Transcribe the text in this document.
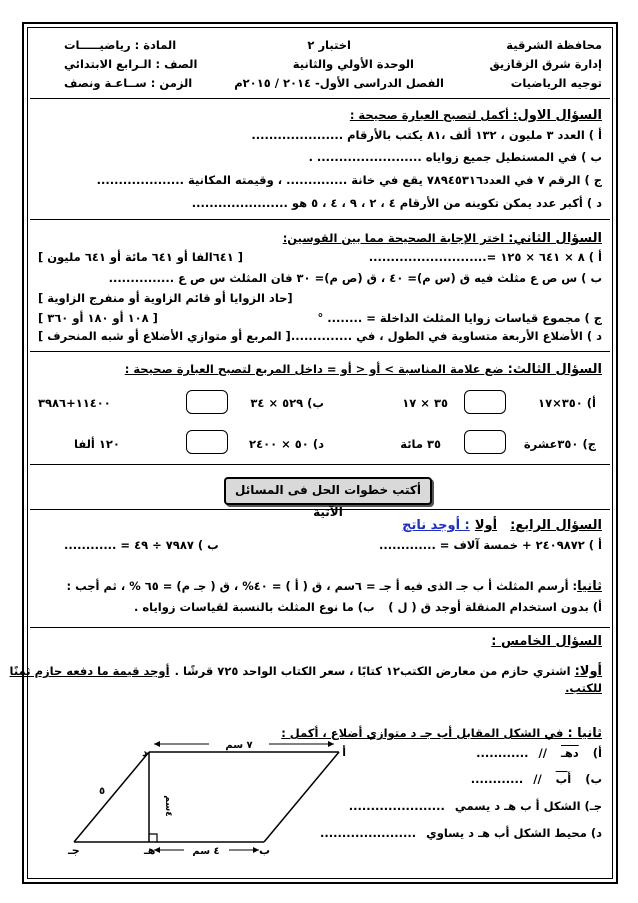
محافظة الشرقية
إدارة شرق الزقازيق
توجيه الرياضيات
اختبار ٢
الوحدة الأولي والثانية
الفصل الدراسى الأول- ٢٠١٤ / ٢٠١٥م
المادة : رياضيـــــات
الصف : الـرابع الابتدائي
الزمن : ســاعـة ونصف
السؤال الاول: أكمل لتصبح العبارة صحيحة :
أ ) العدد ٣ مليون ، ١٣٢ ألف ،٨١ يكتب بالأرقام .....................
ب ) في المستطيل جميع زواياه ........................ .
ج ) الرقم ٧ في العدد٧٨٩٤٥٣١٦ يقع في خانة .............. ، وقيمته المكانية ....................
د ) أكبر عدد يمكن تكوينه من الأرقام ٤ ، ٢ ، ٩ ، ٤ ، ٥ هو ......................
السؤال الثاني: اختر الإجابة الصحيحة مما بين القوسين:
أ ) ٨ × ٦٤١ × ١٢٥ =...........................
[ ٦٤١الفا أو ٦٤١ مائة أو ٦٤١ مليون ]
ب ) س ص ع مثلث فيه ق (س م)= ٤٠ ، ق (ص م)= ٣٠ فان المثلث س ص ع ...............
[حاد الزوايا أو قائم الزاوية أو منفرج الزاوية ]
ج ) مجموع قياسات زوايا المثلث الداخلة = ........ °
[ ١٠٨ أو ١٨٠ أو ٣٦٠ ]
د ) الأضلاع الأربعة متساوية في الطول ، في ...............
[ المربع أو متوازي الأضلاع أو شبه المنحرف ]
السؤال الثالث: ضع علامة المناسبة > أو < أو = داخل المربع لتصبح العبارة صحيحة :
أ) ٣٥٠×١٧
٣٥ × ١٧
ب) ٥٢٩ × ٣٤
١١٤٠٠+٣٩٨٦
ج) ٣٥٠عشرة
٣٥ مائة
د) ٥٠ × ٢٤٠٠
١٢٠ ألفا
أكتب خطوات الحل فى المسائل الآتية
السؤال الرابع: أولا : أوجد ناتج
أ ) ٢٤٠٩٨٧٢ + خمسة آلاف = .............
ب ) ٧٩٨٧ ÷ ٤٩ = ............
ثانيا: أرسم المثلث أ ب جـ الذى فيه أ جـ = ٦سم ، ق ( أ ) = ٤٠% ، ق ( جـ م) = ٦٥ % ، ثم أجب :
أ) بدون استخدام المنقلة أوجد ق ( ل )
ب) ما نوع المثلث بالنسبة لقياسات زواياه .
السؤال الخامس :
أولا: اشتري حازم من معارض الكتب١٢ كتابًا ، سعر الكتاب الواحد ٧٢٥ قرشًا . أوجد قيمة ما دفعه حازم ثمنًا
للكتب.
ثانيا : في الشكل المقابل أب جـ د متوازي أضلاع ، أكمل :
أ) دهـ // ............
ب) أب // ............
جـ) الشكل أ ب هـ د يسمي ......................
د) محيط الشكل أب هـ د يساوي ......................
٧ سم
٤ سم
٥
٤سم
د	أ
ب
هـ
جـ
